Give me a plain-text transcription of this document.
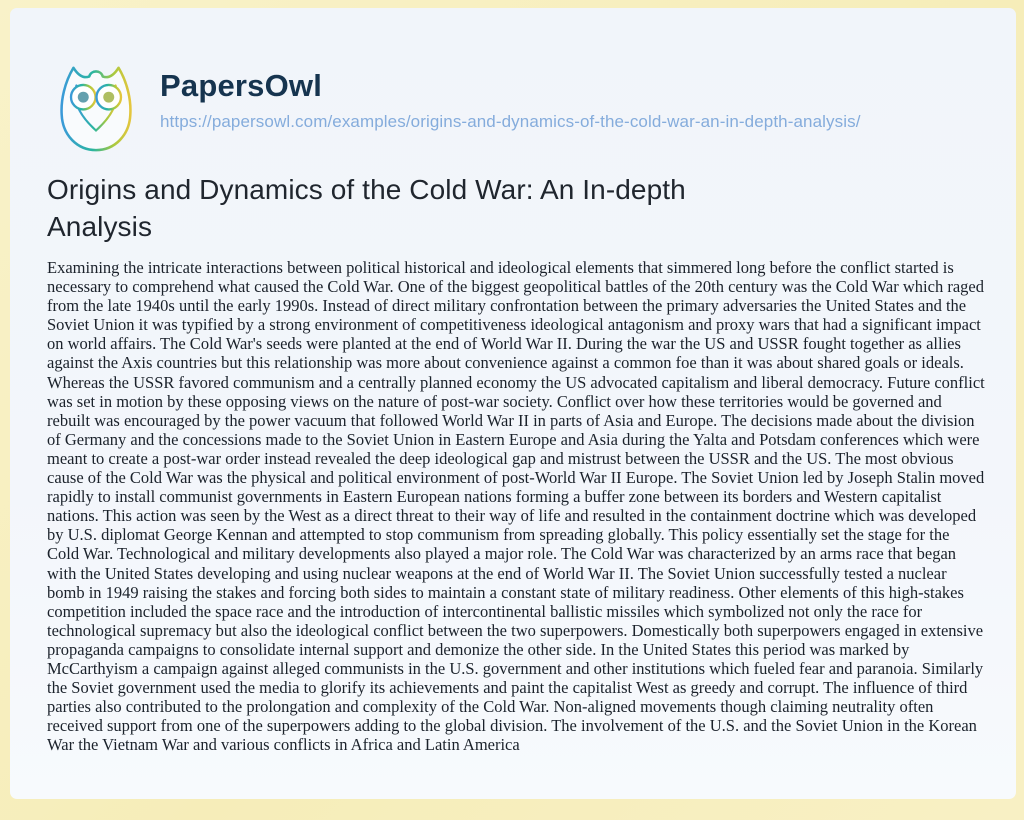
PapersOwl
https://papersowl.com/examples/origins-and-dynamics-of-the-cold-war-an-in-depth-analysis/
Origins and Dynamics of the Cold War: An In-depth Analysis

Examining the intricate interactions between political historical and ideological elements that simmered long before the conflict started is necessary to comprehend what caused the Cold War. One of the biggest geopolitical battles of the 20th century was the Cold War which raged from the late 1940s until the early 1990s. Instead of direct military confrontation between the primary adversaries the United States and the Soviet Union it was typified by a strong environment of competitiveness ideological antagonism and proxy wars that had a significant impact on world affairs. The Cold War's seeds were planted at the end of World War II. During the war the US and USSR fought together as allies against the Axis countries but this relationship was more about convenience against a common foe than it was about shared goals or ideals. Whereas the USSR favored communism and a centrally planned economy the US advocated capitalism and liberal democracy. Future conflict was set in motion by these opposing views on the nature of post-war society. Conflict over how these territories would be governed and rebuilt was encouraged by the power vacuum that followed World War II in parts of Asia and Europe. The decisions made about the division of Germany and the concessions made to the Soviet Union in Eastern Europe and Asia during the Yalta and Potsdam conferences which were meant to create a post-war order instead revealed the deep ideological gap and mistrust between the USSR and the US. The most obvious cause of the Cold War was the physical and political environment of post-World War II Europe. The Soviet Union led by Joseph Stalin moved rapidly to install communist governments in Eastern European nations forming a buffer zone between its borders and Western capitalist nations. This action was seen by the West as a direct threat to their way of life and resulted in the containment doctrine which was developed by U.S. diplomat George Kennan and attempted to stop communism from spreading globally. This policy essentially set the stage for the Cold War. Technological and military developments also played a major role. The Cold War was characterized by an arms race that began with the United States developing and using nuclear weapons at the end of World War II. The Soviet Union successfully tested a nuclear bomb in 1949 raising the stakes and forcing both sides to maintain a constant state of military readiness. Other elements of this high-stakes competition included the space race and the introduction of intercontinental ballistic missiles which symbolized not only the race for technological supremacy but also the ideological conflict between the two superpowers. Domestically both superpowers engaged in extensive propaganda campaigns to consolidate internal support and demonize the other side. In the United States this period was marked by McCarthyism a campaign against alleged communists in the U.S. government and other institutions which fueled fear and paranoia. Similarly the Soviet government used the media to glorify its achievements and paint the capitalist West as greedy and corrupt. The influence of third parties also contributed to the prolongation and complexity of the Cold War. Non-aligned movements though claiming neutrality often received support from one of the superpowers adding to the global division. The involvement of the U.S. and the Soviet Union in the Korean War the Vietnam War and various conflicts in Africa and Latin America
